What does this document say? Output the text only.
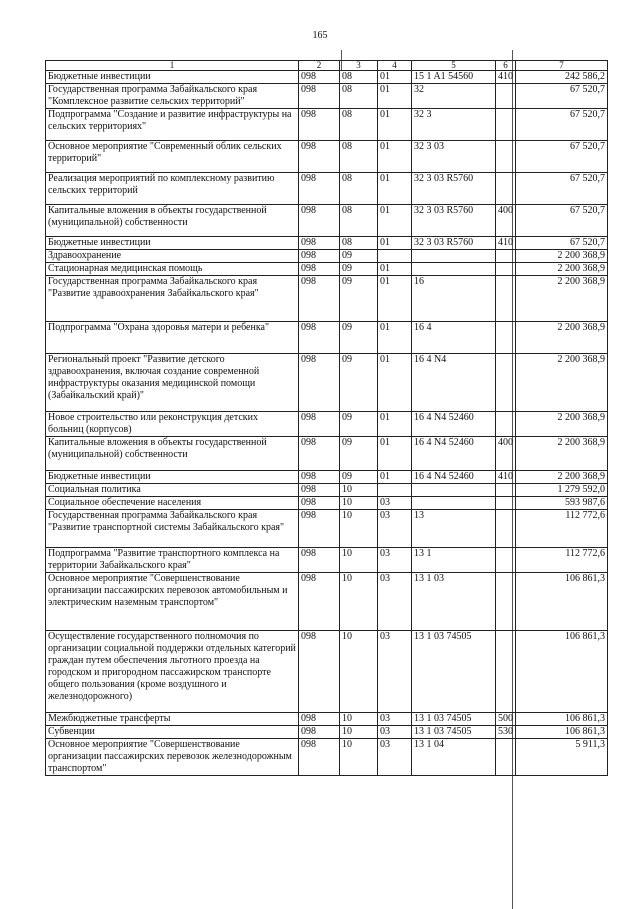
165
1	2	3	4	5	6	7
Бюджетные инвестиции	098	08	01	15 1 A1 54560	410	242 586,2
Государственная программа Забайкальского края "Комплексное развитие сельских территорий"	098	08	01	32		67 520,7
Подпрограмма "Создание и развитие инфраструктуры на сельских территориях"	098	08	01	32 3		67 520,7
Основное мероприятие "Современный облик сельских территорий"	098	08	01	32 3 03		67 520,7
Реализация мероприятий по комплексному развитию сельских территорий	098	08	01	32 3 03 R5760		67 520,7
Капитальные вложения в объекты государственной (муниципальной) собственности	098	08	01	32 3 03 R5760	400	67 520,7
Бюджетные инвестиции	098	08	01	32 3 03 R5760	410	67 520,7
Здравоохранение	098	09				2 200 368,9
Стационарная медицинская помощь	098	09	01			2 200 368,9
Государственная программа Забайкальского края "Развитие здравоохранения Забайкальского края"	098	09	01	16		2 200 368,9
Подпрограмма "Охрана здоровья матери и ребенка"	098	09	01	16 4		2 200 368,9
Региональный проект "Развитие детского здравоохранения, включая создание современной инфраструктуры оказания медицинской помощи (Забайкальский край)"	098	09	01	16 4 N4		2 200 368,9
Новое строительство или реконструкция детских больниц (корпусов)	098	09	01	16 4 N4 52460		2 200 368,9
Капитальные вложения в объекты государственной (муниципальной) собственности	098	09	01	16 4 N4 52460	400	2 200 368,9
Бюджетные инвестиции	098	09	01	16 4 N4 52460	410	2 200 368,9
Социальная политика	098	10				1 279 592,0
Социальное обеспечение населения	098	10	03			593 987,6
Государственная программа Забайкальского края "Развитие транспортной системы Забайкальского края"	098	10	03	13		112 772,6
Подпрограмма "Развитие транспортного комплекса на территории Забайкальского края"	098	10	03	13 1		112 772,6
Основное мероприятие "Совершенствование организации пассажирских перевозок автомобильным и электрическим наземным транспортом"	098	10	03	13 1 03		106 861,3
Осуществление государственного полномочия по организации социальной поддержки отдельных категорий граждан путем обеспечения льготного проезда на городском и пригородном пассажирском транспорте общего пользования (кроме воздушного и железнодорожного)	098	10	03	13 1 03 74505		106 861,3
Межбюджетные трансферты	098	10	03	13 1 03 74505	500	106 861,3
Субвенции	098	10	03	13 1 03 74505	530	106 861,3
Основное мероприятие "Совершенствование организации пассажирских перевозок железнодорожным транспортом"	098	10	03	13 1 04		5 911,3
